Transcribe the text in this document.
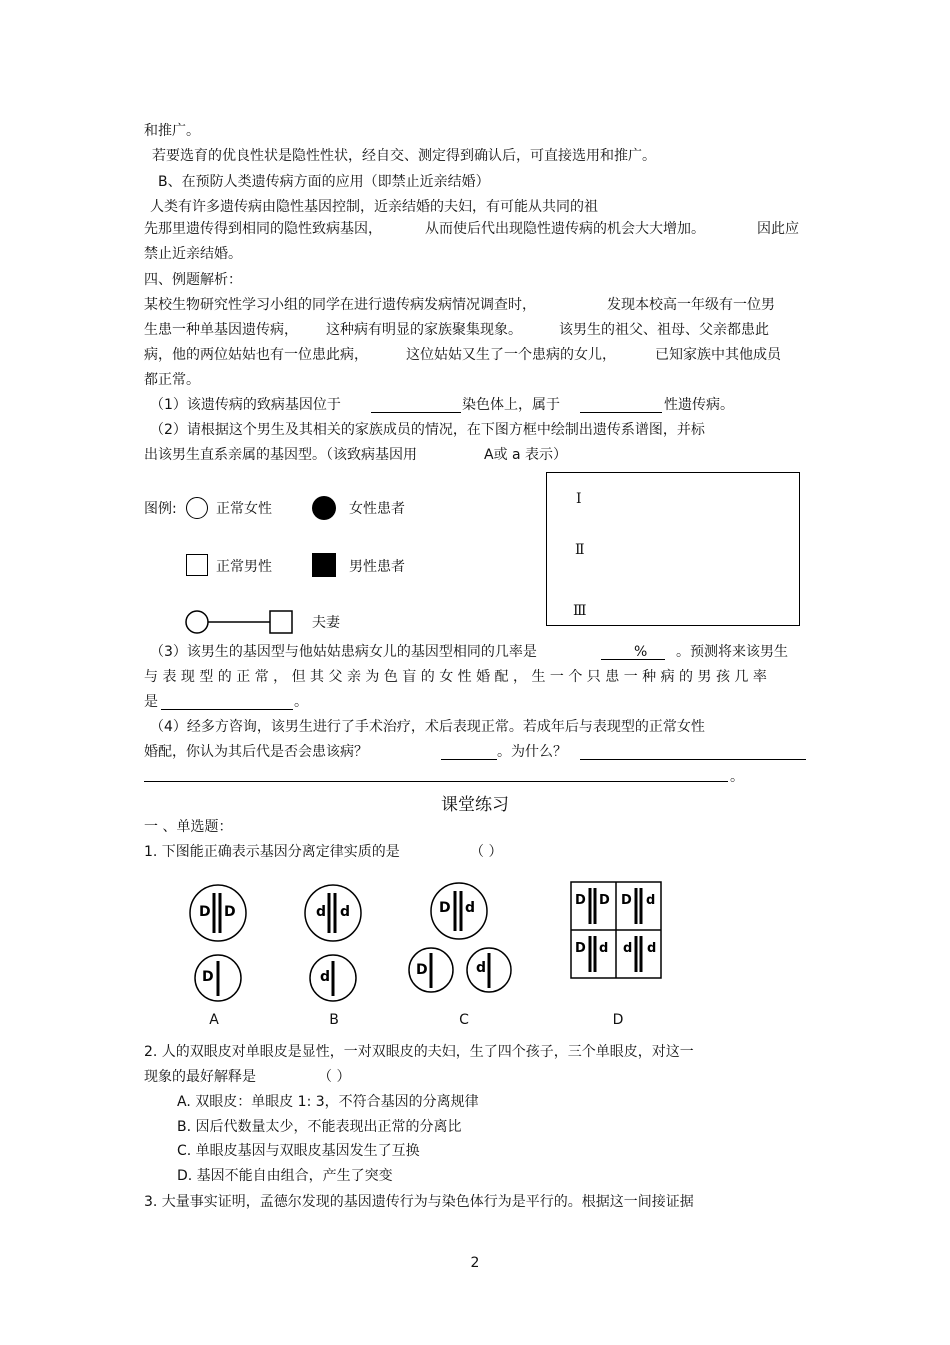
和推广。
若要选育的优良性状是隐性性状，经自交、测定得到确认后，可直接选用和推广。
B、在预防人类遗传病方面的应用（即禁止近亲结婚）
人类有许多遗传病由隐性基因控制，近亲结婚的夫妇，有可能从共同的祖
先那里遗传得到相同的隐性致病基因，	从而使后代出现隐性遗传病的机会大大增加。	因此应
禁止近亲结婚。
四、例题解析：
某校生物研究性学习小组的同学在进行遗传病发病情况调查时，	发现本校高一年级有一位男
生患一种单基因遗传病， 这种病有明显的家族聚集现象。	该男生的祖父、祖母、父亲都患此
病，他的两位姑姑也有一位患此病，	这位姑姑又生了一个患病的女儿，	已知家族中其他成员
都正常。
（1）该遗传病的致病基因位于	染色体上，属于	性遗传病。
（2）请根据这个男生及其相关的家族成员的情况，在下图方框中绘制出遗传系谱图，并标
出该男生直系亲属的基因型。（该致病基因用	A或 a 表示）
图例:	正常女性	女性患者
正常男性	男性患者
夫妻
Ⅰ
Ⅱ
Ⅲ
（3）该男生的基因型与他姑姑患病女儿的基因型相同的几率是	% 。预测将来该男生
与 表 现 型 的 正 常 ， 但 其 父 亲 为 色 盲 的 女 性 婚 配 ， 生 一 个 只 患 一 种 病 的 男 孩 几 率
是	。
（4）经多方咨询，该男生进行了手术治疗，术后表现正常。若成年后与表现型的正常女性
婚配，你认为其后代是否会患该病？	。为什么？
。
课堂练习
一 、单选题：
1. 下图能正确表示基因分离定律实质的是	（ ）
D D
D
A
d d
d
B
D d
D	d
C
D D D d
D d d d
D
2. 人的双眼皮对单眼皮是显性，一对双眼皮的夫妇，生了四个孩子，三个单眼皮，对这一
现象的最好解释是	（ ）
A. 双眼皮：单眼皮 1: 3，不符合基因的分离规律
B. 因后代数量太少，不能表现出正常的分离比
C. 单眼皮基因与双眼皮基因发生了互换
D. 基因不能自由组合，产生了突变
3. 大量事实证明，孟德尔发现的基因遗传行为与染色体行为是平行的。根据这一间接证据
2
